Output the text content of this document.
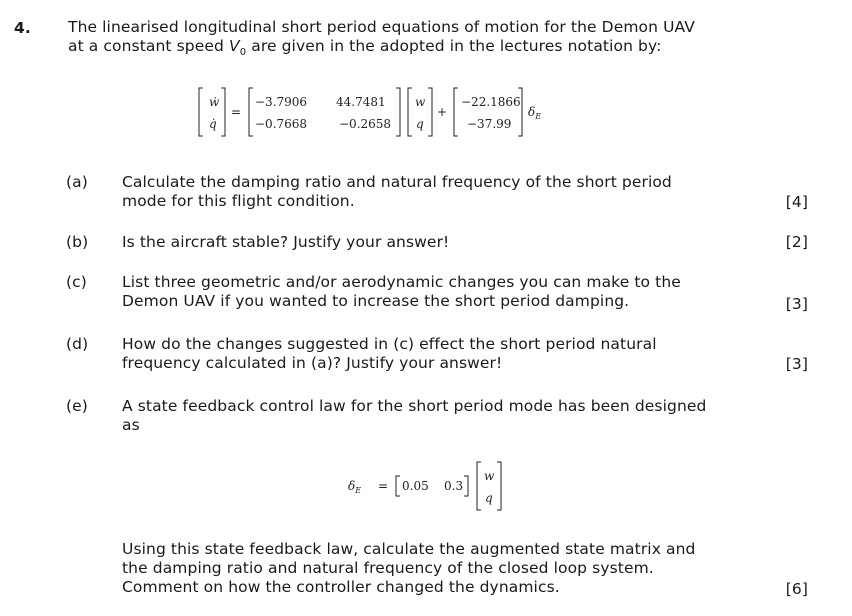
4. The linearised longitudinal short period equations of motion for the Demon UAV
at a constant speed $V_0$ are given in the adopted in the lectures notation by:
ẇ
q̇
=
−3.7906 44.7481
−0.7668	−0.2658
w
q
+
−22.1866
−37.99
$\delta_E$
(a) Calculate the damping ratio and natural frequency of the short period
mode for this flight condition.	[4]
(b) Is the aircraft stable? Justify your answer!	[2]
(c) List three geometric and/or aerodynamic changes you can make to the
Demon UAV if you wanted to increase the short period damping.	[3]
(d) How do the changes suggested in (c) effect the short period natural
frequency calculated in (a)? Justify your answer!	[3]
(e) A state feedback control law for the short period mode has been designed
as
$\delta_E = 0.05$ 0.3
w
q
Using this state feedback law, calculate the augmented state matrix and
the damping ratio and natural frequency of the closed loop system.
Comment on how the controller changed the dynamics.	[6]
